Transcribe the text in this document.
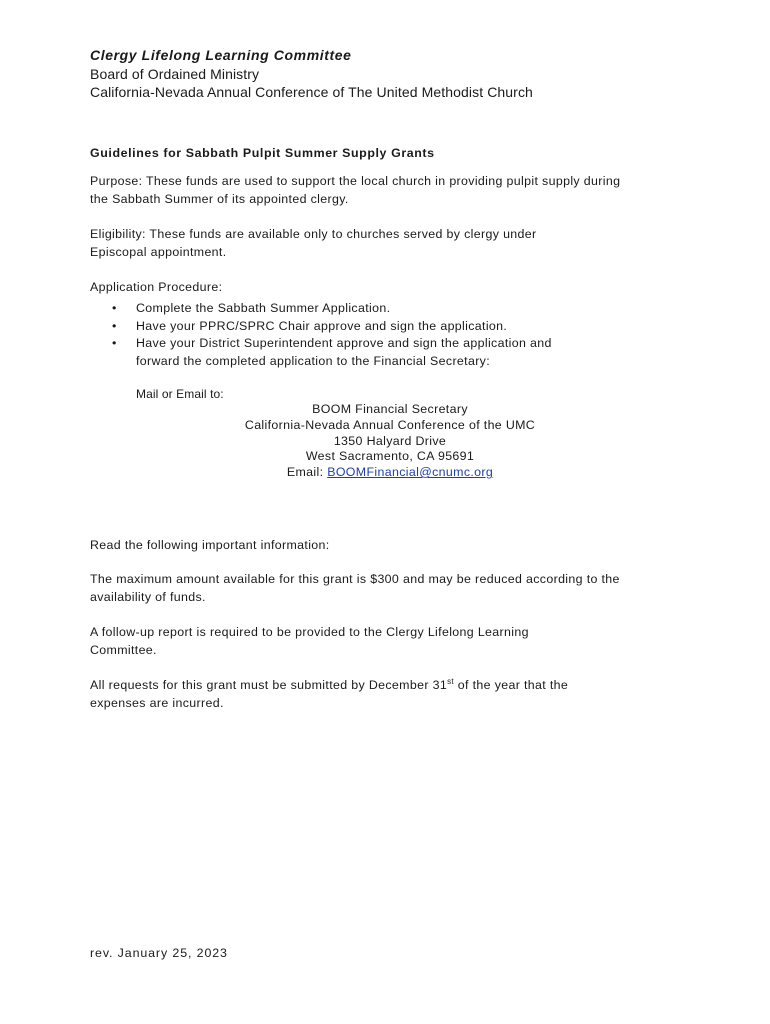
Clergy Lifelong Learning Committee
Board of Ordained Ministry
California-Nevada Annual Conference of The United Methodist Church
Guidelines for Sabbath Pulpit Summer Supply Grants
Purpose: These funds are used to support the local church in providing pulpit supply during
the Sabbath Summer of its appointed clergy.
Eligibility: These funds are available only to churches served by clergy under
Episcopal appointment.
Application Procedure:
• Complete the Sabbath Summer Application.
• Have your PPRC/SPRC Chair approve and sign the application.
• Have your District Superintendent approve and sign the application and
forward the completed application to the Financial Secretary:
Mail or Email to:
BOOM Financial Secretary
California-Nevada Annual Conference of the UMC
1350 Halyard Drive
West Sacramento, CA 95691
Email: BOOMFinancial@cnumc.org
Read the following important information:
The maximum amount available for this grant is $300 and may be reduced according to the
availability of funds.
A follow-up report is required to be provided to the Clergy Lifelong Learning
Committee.
All requests for this grant must be submitted by December 31st of the year that the
expenses are incurred.
rev. January 25, 2023
